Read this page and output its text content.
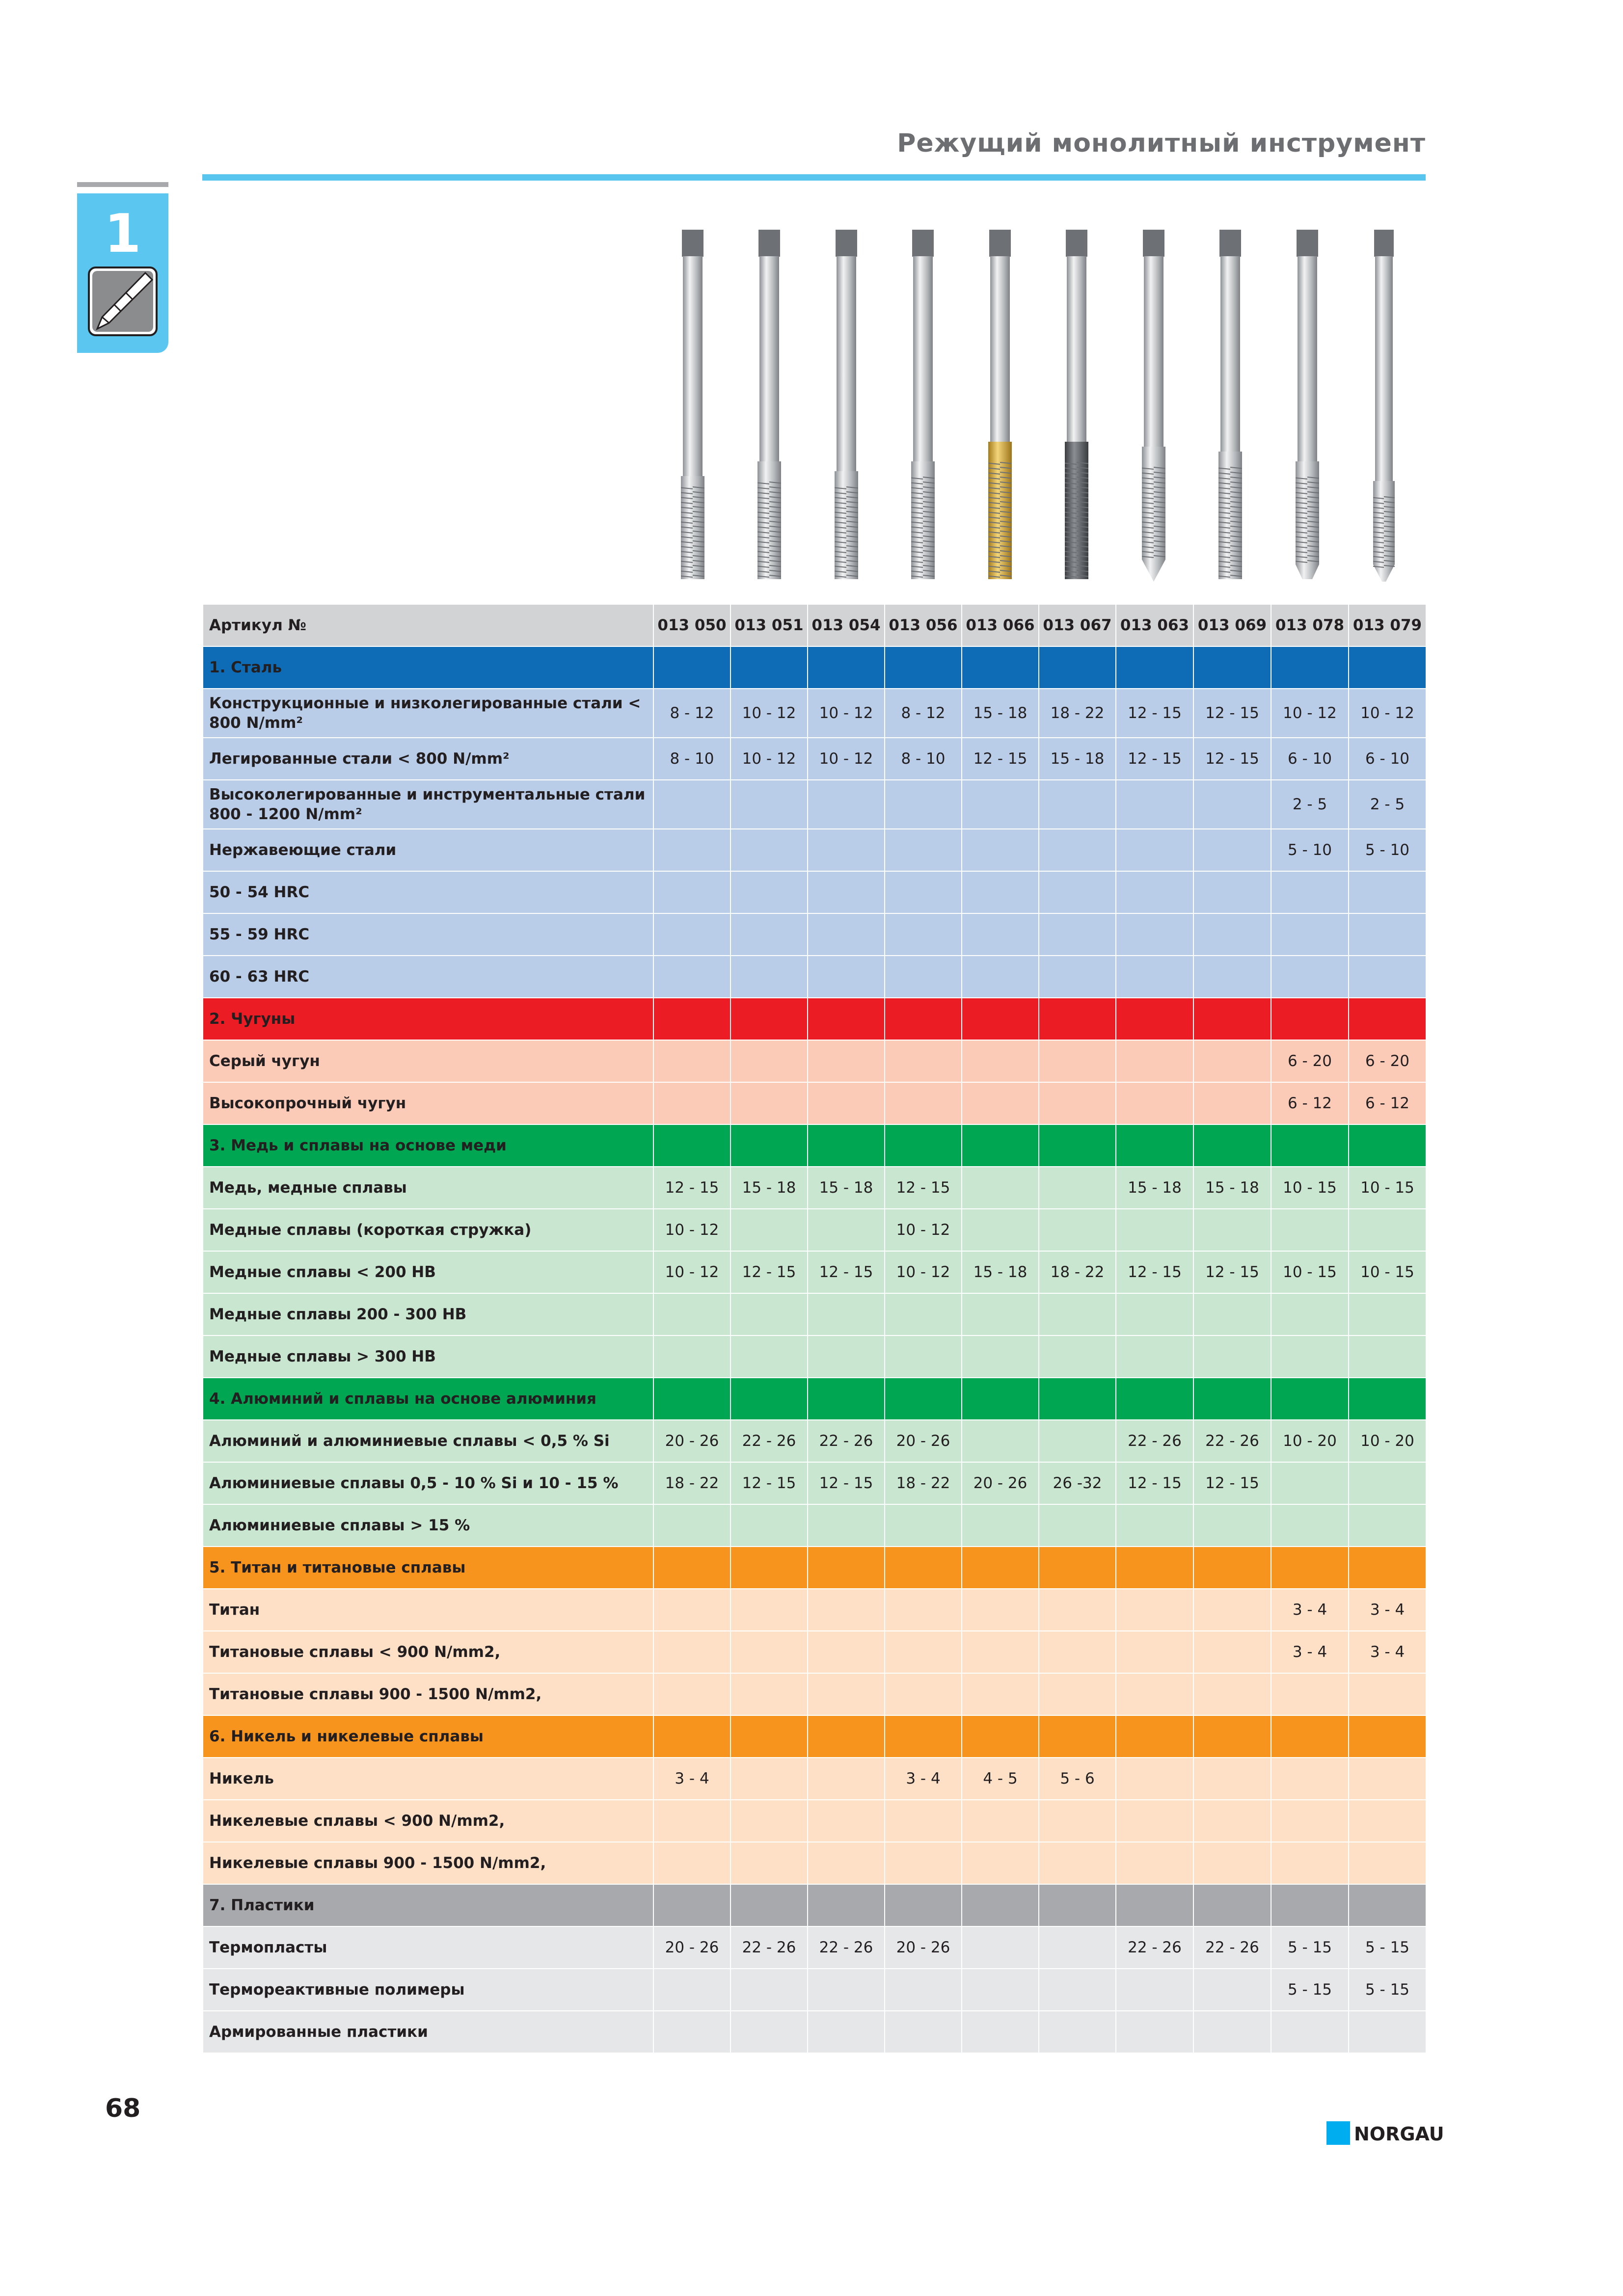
Режущий монолитный инструмент
1
Артикул №	013 050	013 051	013 054	013 056	013 066	013 067	013 063	013 069	013 078	013 079
1. Сталь										
Конструкционные и низколегированные стали < 800 N/mm²	8 - 12	10 - 12	10 - 12	8 - 12	15 - 18	18 - 22	12 - 15	12 - 15	10 - 12	10 - 12
Легированные стали < 800 N/mm²	8 - 10	10 - 12	10 - 12	8 - 10	12 - 15	15 - 18	12 - 15	12 - 15	6 - 10	6 - 10
Высоколегированные и инструментальные стали 800 - 1200 N/mm²									2 - 5	2 - 5
Нержавеющие стали									5 - 10	5 - 10
50 - 54 HRC										
55 - 59 HRC										
60 - 63 HRC										
2. Чугуны										
Серый чугун									6 - 20	6 - 20
Высокопрочный чугун									6 - 12	6 - 12
3. Медь и сплавы на основе меди										
Медь, медные сплавы	12 - 15	15 - 18	15 - 18	12 - 15			15 - 18	15 - 18	10 - 15	10 - 15
Медные сплавы (короткая стружка)	10 - 12			10 - 12						
Медные сплавы < 200 HB	10 - 12	12 - 15	12 - 15	10 - 12	15 - 18	18 - 22	12 - 15	12 - 15	10 - 15	10 - 15
Медные сплавы 200 - 300 HB										
Медные сплавы > 300 HB										
4. Алюминий и сплавы на основе алюминия										
Алюминий и алюминиевые сплавы < 0,5 % Si	20 - 26	22 - 26	22 - 26	20 - 26			22 - 26	22 - 26	10 - 20	10 - 20
Алюминиевые сплавы 0,5 - 10 % Si и 10 - 15 %	18 - 22	12 - 15	12 - 15	18 - 22	20 - 26	26 -32	12 - 15	12 - 15		
Алюминиевые сплавы > 15 %										
5. Титан и титановые сплавы										
Титан									3 - 4	3 - 4
Титановые сплавы < 900 N/mm2,									3 - 4	3 - 4
Титановые сплавы 900 - 1500 N/mm2,										
6. Никель и никелевые сплавы										
Никель	3 - 4			3 - 4	4 - 5	5 - 6				
Никелевые сплавы < 900 N/mm2,										
Никелевые сплавы 900 - 1500 N/mm2,										
7. Пластики										
Термопласты	20 - 26	22 - 26	22 - 26	20 - 26			22 - 26	22 - 26	5 - 15	5 - 15
Термореактивные полимеры									5 - 15	5 - 15
Армированные пластики										
68
NORGAU
